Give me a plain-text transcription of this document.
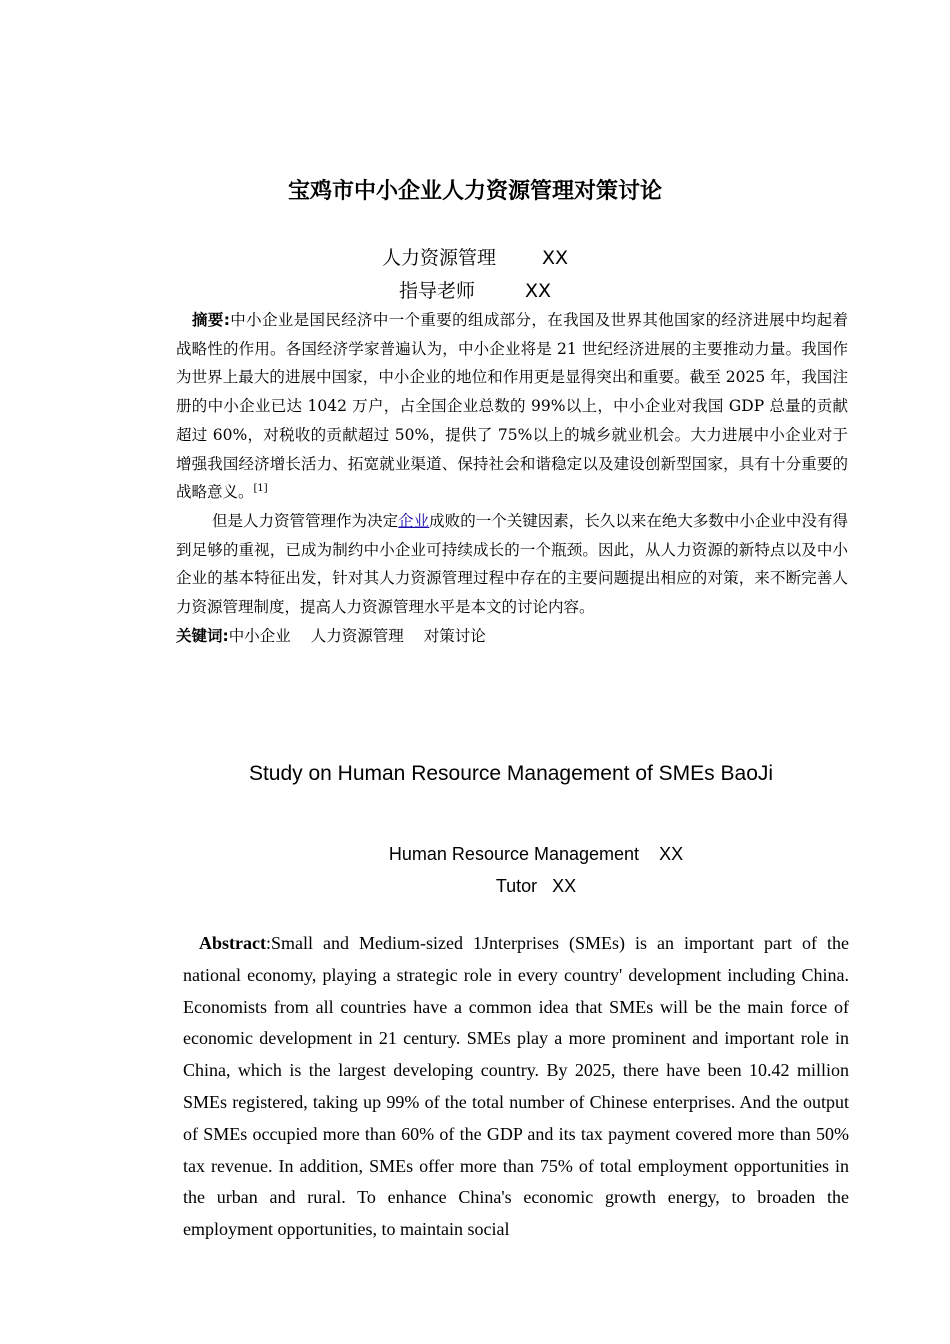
宝鸡市中小企业人力资源管理对策讨论
人力资源管理 XX
指导老师	XX

摘要:中小企业是国民经济中一个重要的组成部分，在我国及世界其他国家的经济进展中均起着战略性的作用。各国经济学家普遍认为，中小企业将是 21 世纪经济进展的主要推动力量。我国作为世界上最大的进展中国家，中小企业的地位和作用更是显得突出和重要。截至 2025 年，我国注册的中小企业已达 1042 万户，占全国企业总数的 99%以上，中小企业对我国 GDP 总量的贡献超过 60%，对税收的贡献超过 50%，提供了 75%以上的城乡就业机会。大力进展中小企业对于增强我国经济增长活力、拓宽就业渠道、保持社会和谐稳定以及建设创新型国家，具有十分重要的战略意义。[1]

但是人力资管管理作为决定企业成败的一个关键因素，长久以来在绝大多数中小企业中没有得到足够的重视，已成为制约中小企业可持续成长的一个瓶颈。因此，从人力资源的新特点以及中小企业的基本特征出发，针对其人力资源管理过程中存在的主要问题提出相应的对策，来不断完善人力资源管理制度，提高人力资源管理水平是本文的讨论内容。

关键词:中小企业 人力资源管理 对策讨论

Study on Human Resource Management of SMEs BaoJi
Human Resource Management XX
Tutor XX

Abstract:Small and Medium-sized 1Jnterprises (SMEs) is an important part of the national economy, playing a strategic role in every country' development including China. Economists from all countries have a common idea that SMEs will be the main force of economic development in 21 century. SMEs play a more prominent and important role in China, which is the largest developing country. By 2025, there have been 10.42 million SMEs registered, taking up 99% of the total number of Chinese enterprises. And the output of SMEs occupied more than 60% of the GDP and its tax payment covered more than 50% tax revenue. In addition, SMEs offer more than 75% of total employment opportunities in the urban and rural. To enhance China's economic growth energy, to broaden the employment opportunities, to maintain social
